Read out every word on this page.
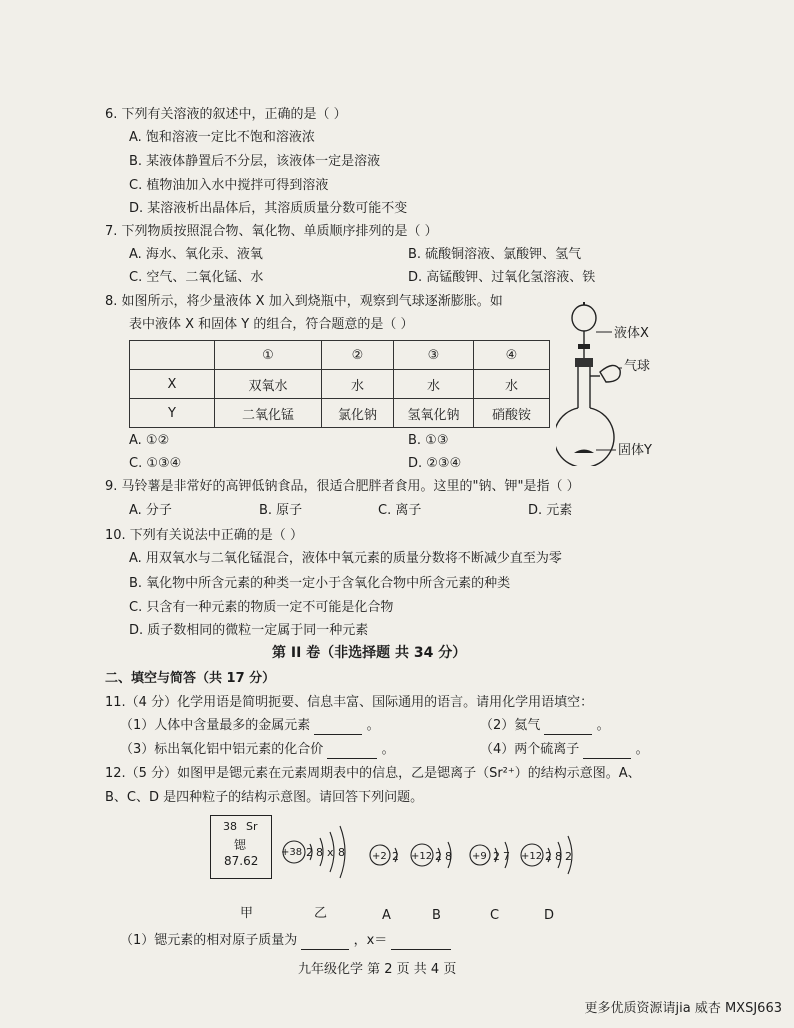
6. 下列有关溶液的叙述中，正确的是（ ）
A. 饱和溶液一定比不饱和溶液浓
B. 某液体静置后不分层，该液体一定是溶液
C. 植物油加入水中搅拌可得到溶液
D. 某溶液析出晶体后，其溶质质量分数可能不变
7. 下列物质按照混合物、氧化物、单质顺序排列的是（ ）
A. 海水、氧化汞、液氧	B. 硫酸铜溶液、氯酸钾、氢气
C. 空气、二氧化锰、水	D. 高锰酸钾、过氧化氢溶液、铁
8. 如图所示，将少量液体 X 加入到烧瓶中，观察到气球逐渐膨胀。如
表中液体 X 和固体 Y 的组合，符合题意的是（ ）
	①	②	③	④
X	双氧水	水	水	水
Y	二氧化锰	氯化钠	氢氧化钠	硝酸铵
A. ①②	B. ①③
C. ①③④	D. ②③④
液体X
气球
固体Y
9. 马铃薯是非常好的高钾低钠食品，很适合肥胖者食用。这里的"钠、钾"是指（ ）
A. 分子	B. 原子	C. 离子	D. 元素
10. 下列有关说法中正确的是（ ）
A. 用双氧水与二氧化锰混合，液体中氧元素的质量分数将不断减少直至为零
B. 氧化物中所含元素的种类一定小于含氧化合物中所含元素的种类
C. 只含有一种元素的物质一定不可能是化合物
D. 质子数相同的微粒一定属于同一种元素
第 II 卷（非选择题 共 34 分）
二、填空与简答（共 17 分）
11.（4 分）化学用语是简明扼要、信息丰富、国际通用的语言。请用化学用语填空：
（1）人体中含量最多的金属元素	。	（2）氦气	。
（3）标出氧化铝中铝元素的化合价	。	（4）两个硫离子	。
12.（5 分）如图甲是锶元素在元素周期表中的信息，乙是锶离子（Sr²⁺）的结构示意图。A、
B、C、D 是四种粒子的结构示意图。请回答下列问题。
38 Sr
锶
87.62
+38 2 8 x 8	+2 2 +12 2 8 +9 2 7 +12 2 8 2
甲	乙	A	B	C	D
（1）锶元素的相对原子质量为	，x＝
九年级化学 第 2 页 共 4 页
更多优质资源请jia 威杏 MXSJ663
